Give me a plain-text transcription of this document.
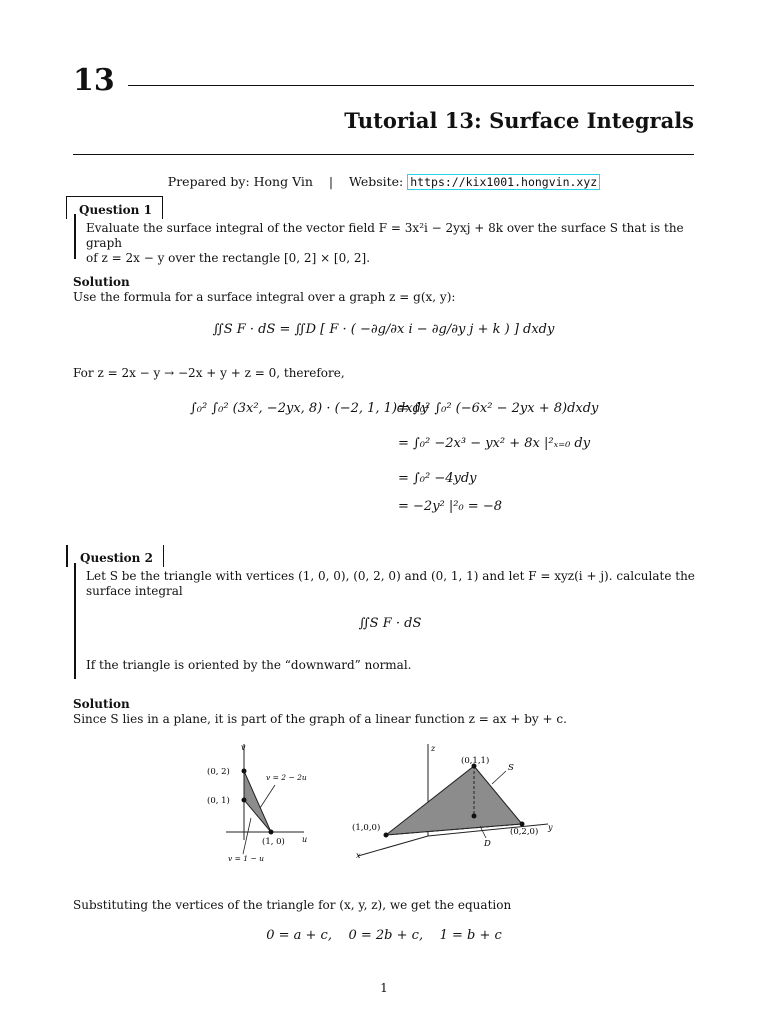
13
Tutorial 13: Surface Integrals
Prepared by: Hong Vin | Website: https://kix1001.hongvin.xyz
Question 1
Evaluate the surface integral of the vector field F = 3x²i − 2yxj + 8k over the surface S that is the graph
of z = 2x − y over the rectangle [0, 2] × [0, 2].
Solution
Use the formula for a surface integral over a graph z = g(x, y):
∬S F · dS = ∬D [ F · ( −∂g/∂x i − ∂g/∂y j + k ) ] dxdy
For z = 2x − y → −2x + y + z = 0, therefore,
∫₀² ∫₀² (3x², −2yx, 8) · (−2, 1, 1)dxdy
= ∫₀² ∫₀² (−6x² − 2yx + 8)dxdy
= ∫₀² −2x³ − yx² + 8x |²ₓ₌₀ dy
= ∫₀² −4ydy
= −2y² |²₀ = −8
Question 2
Let S be the triangle with vertices (1, 0, 0), (0, 2, 0) and (0, 1, 1) and let F = xyz(i + j). calculate the
surface integral
∬S F · dS
If the triangle is oriented by the “downward” normal.
Solution
Since S lies in a plane, it is part of the graph of a linear function z = ax + by + c.
v
u
(0, 2)
(0, 1)
(1, 0)
v = 2 − 2u
v = 1 − u
z
y
x
(0,1,1)
(1,0,0)	(0,2,0)
S
D
Substituting the vertices of the triangle for (x, y, z), we get the equation
0 = a + c,    0 = 2b + c,    1 = b + c
1
